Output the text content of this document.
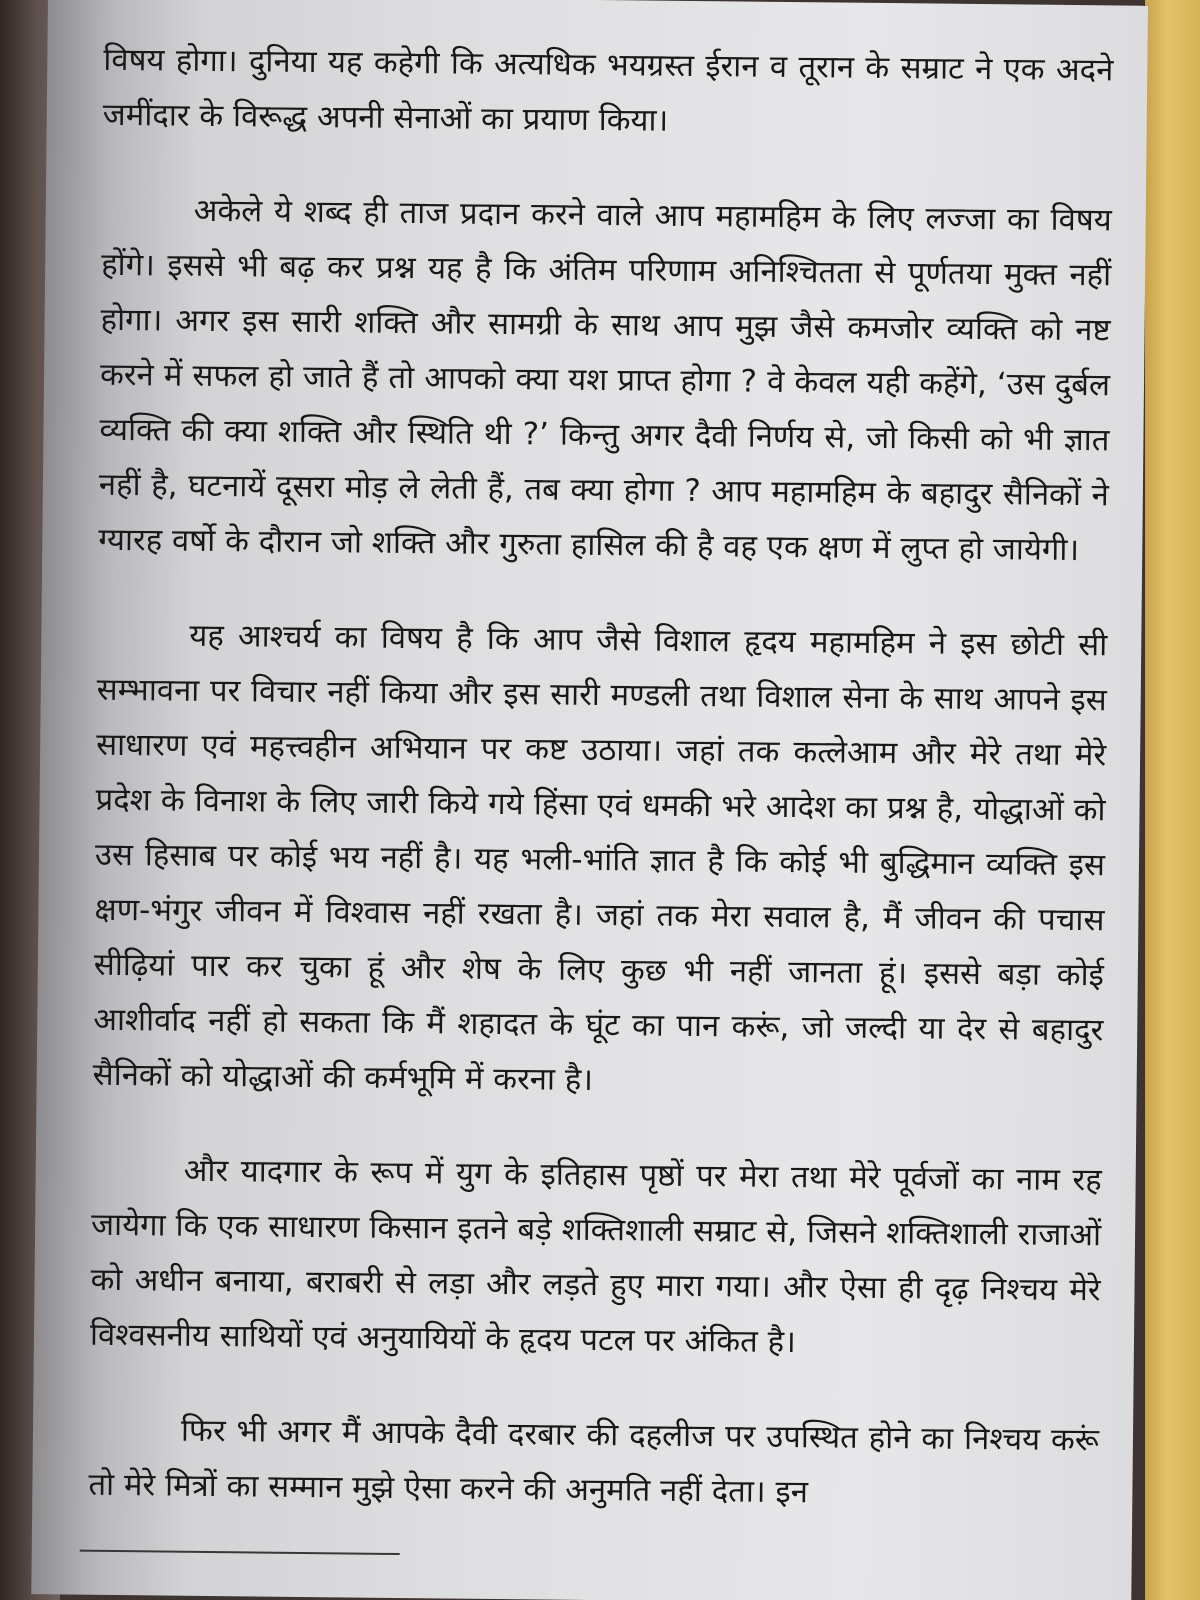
विषय होगा। दुनिया यह कहेगी कि अत्यधिक भयग्रस्त ईरान व तूरान के सम्राट ने एक अदने जमींदार के विरूद्ध अपनी सेनाओं का प्रयाण किया।

अकेले ये शब्द ही ताज प्रदान करने वाले आप महामहिम के लिए लज्जा का विषय होंगे। इससे भी बढ़ कर प्रश्न यह है कि अंतिम परिणाम अनिश्चितता से पूर्णतया मुक्त नहीं होगा। अगर इस सारी शक्ति और सामग्री के साथ आप मुझ जैसे कमजोर व्यक्ति को नष्ट करने में सफल हो जाते हैं तो आपको क्या यश प्राप्त होगा ? वे केवल यही कहेंगे, ‘उस दुर्बल व्यक्ति की क्या शक्ति और स्थिति थी ?’ किन्तु अगर दैवी निर्णय से, जो किसी को भी ज्ञात नहीं है, घटनायें दूसरा मोड़ ले लेती हैं, तब क्या होगा ? आप महामहिम के बहादुर सैनिकों ने ग्यारह वर्षो के दौरान जो शक्ति और गुरुता हासिल की है वह एक क्षण में लुप्त हो जायेगी।

यह आश्चर्य का विषय है कि आप जैसे विशाल हृदय महामहिम ने इस छोटी सी सम्भावना पर विचार नहीं किया और इस सारी मण्डली तथा विशाल सेना के साथ आपने इस साधारण एवं महत्त्वहीन अभियान पर कष्ट उठाया। जहां तक कत्लेआम और मेरे तथा मेरे प्रदेश के विनाश के लिए जारी किये गये हिंसा एवं धमकी भरे आदेश का प्रश्न है, योद्धाओं को उस हिसाब पर कोई भय नहीं है। यह भली-भांति ज्ञात है कि कोई भी बुद्धिमान व्यक्ति इस क्षण-भंगुर जीवन में विश्वास नहीं रखता है। जहां तक मेरा सवाल है, मैं जीवन की पचास सीढ़ियां पार कर चुका हूं और शेष के लिए कुछ भी नहीं जानता हूं। इससे बड़ा कोई आशीर्वाद नहीं हो सकता कि मैं शहादत के घूंट का पान करूं, जो जल्दी या देर से बहादुर सैनिकों को योद्धाओं की कर्मभूमि में करना है।

और यादगार के रूप में युग के इतिहास पृष्ठों पर मेरा तथा मेरे पूर्वजों का नाम रह जायेगा कि एक साधारण किसान इतने बड़े शक्तिशाली सम्राट से, जिसने शक्तिशाली राजाओं को अधीन बनाया, बराबरी से लड़ा और लड़ते हुए मारा गया। और ऐसा ही दृढ़ निश्चय मेरे विश्वसनीय साथियों एवं अनुयायियों के हृदय पटल पर अंकित है।

फिर भी अगर मैं आपके दैवी दरबार की दहलीज पर उपस्थित होने का निश्चय करूं तो मेरे मित्रों का सम्मान मुझे ऐसा करने की अनुमति नहीं देता। इन
